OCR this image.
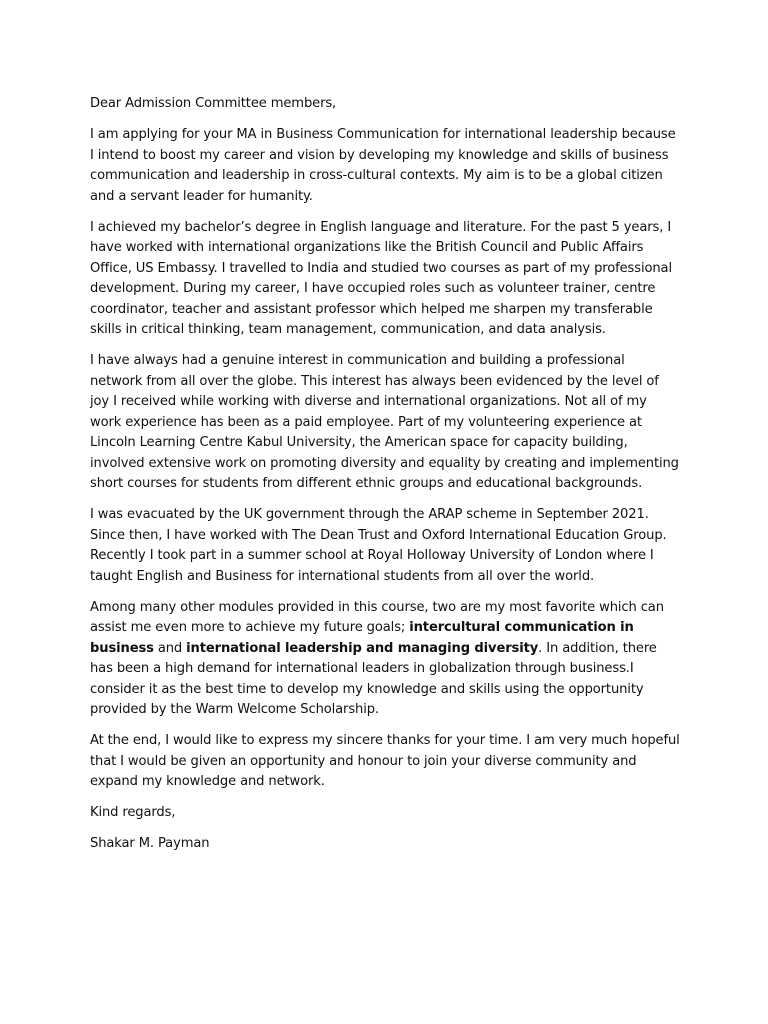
Dear Admission Committee members,

I am applying for your MA in Business Communication for international leadership because I intend to boost my career and vision by developing my knowledge and skills of business communication and leadership in cross-cultural contexts. My aim is to be a global citizen and a servant leader for humanity.

I achieved my bachelor’s degree in English language and literature. For the past 5 years, I have worked with international organizations like the British Council and Public Affairs Office, US Embassy. I travelled to India and studied two courses as part of my professional development. During my career, I have occupied roles such as volunteer trainer, centre coordinator, teacher and assistant professor which helped me sharpen my transferable skills in critical thinking, team management, communication, and data analysis.

I have always had a genuine interest in communication and building a professional network from all over the globe. This interest has always been evidenced by the level of joy I received while working with diverse and international organizations. Not all of my work experience has been as a paid employee. Part of my volunteering experience at Lincoln Learning Centre Kabul University, the American space for capacity building, involved extensive work on promoting diversity and equality by creating and implementing short courses for students from different ethnic groups and educational backgrounds.

I was evacuated by the UK government through the ARAP scheme in September 2021. Since then, I have worked with The Dean Trust and Oxford International Education Group. Recently I took part in a summer school at Royal Holloway University of London where I taught English and Business for international students from all over the world.

Among many other modules provided in this course, two are my most favorite which can assist me even more to achieve my future goals; intercultural communication in business and international leadership and managing diversity. In addition, there has been a high demand for international leaders in globalization through business.I consider it as the best time to develop my knowledge and skills using the opportunity provided by the Warm Welcome Scholarship.

At the end, I would like to express my sincere thanks for your time. I am very much hopeful that I would be given an opportunity and honour to join your diverse community and expand my knowledge and network.

Kind regards,

Shakar M. Payman
